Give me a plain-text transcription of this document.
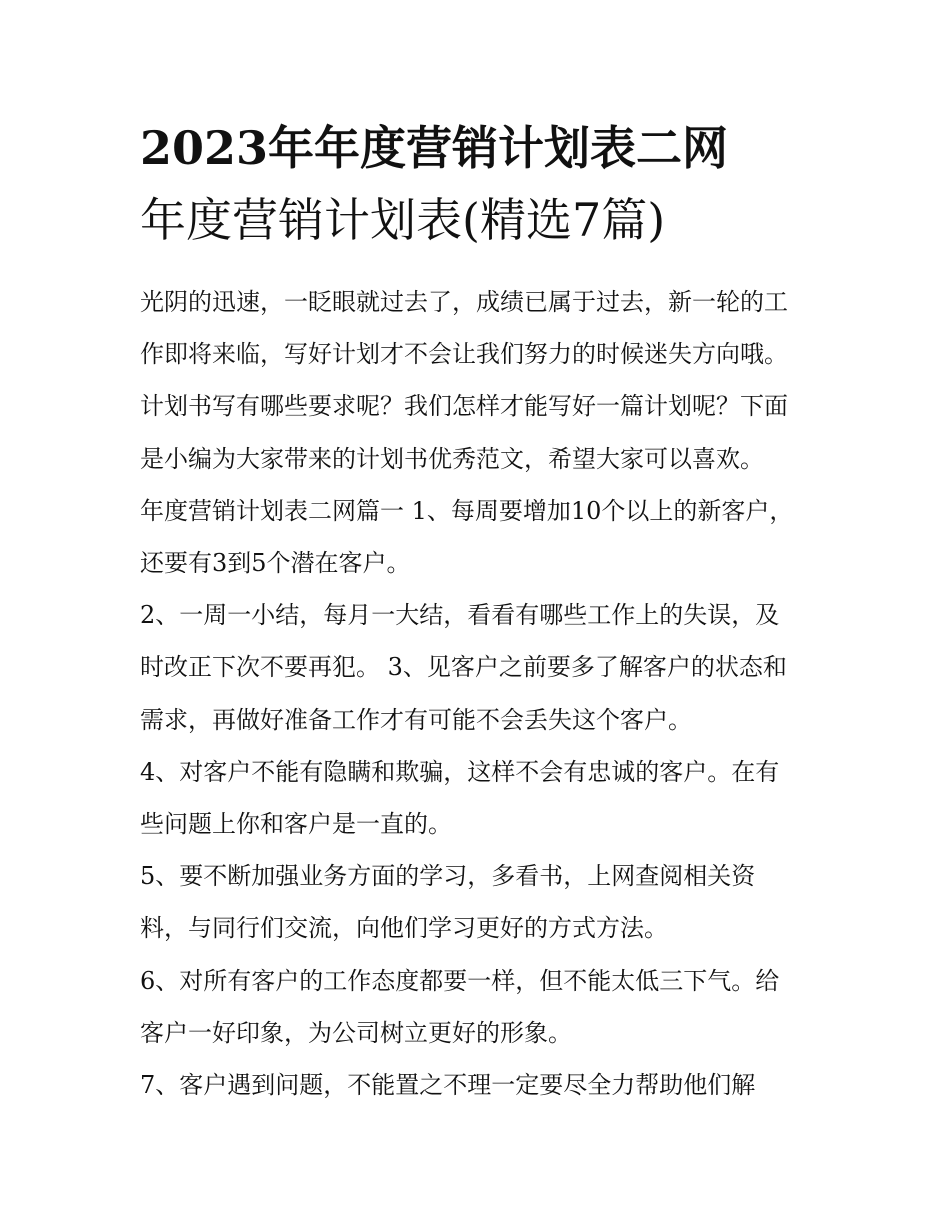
2023年年度营销计划表二网
年度营销计划表(精选7篇)
光阴的迅速，一眨眼就过去了，成绩已属于过去，新一轮的工
作即将来临，写好计划才不会让我们努力的时候迷失方向哦。
计划书写有哪些要求呢？我们怎样才能写好一篇计划呢？下面
是小编为大家带来的计划书优秀范文，希望大家可以喜欢。
年度营销计划表二网篇一 1、每周要增加10个以上的新客户，
还要有3到5个潜在客户。
2、一周一小结，每月一大结，看看有哪些工作上的失误，及
时改正下次不要再犯。 3、见客户之前要多了解客户的状态和
需求，再做好准备工作才有可能不会丢失这个客户。
4、对客户不能有隐瞒和欺骗，这样不会有忠诚的客户。在有
些问题上你和客户是一直的。
5、要不断加强业务方面的学习，多看书，上网查阅相关资
料，与同行们交流，向他们学习更好的方式方法。
6、对所有客户的工作态度都要一样，但不能太低三下气。给
客户一好印象，为公司树立更好的形象。
7、客户遇到问题，不能置之不理一定要尽全力帮助他们解
